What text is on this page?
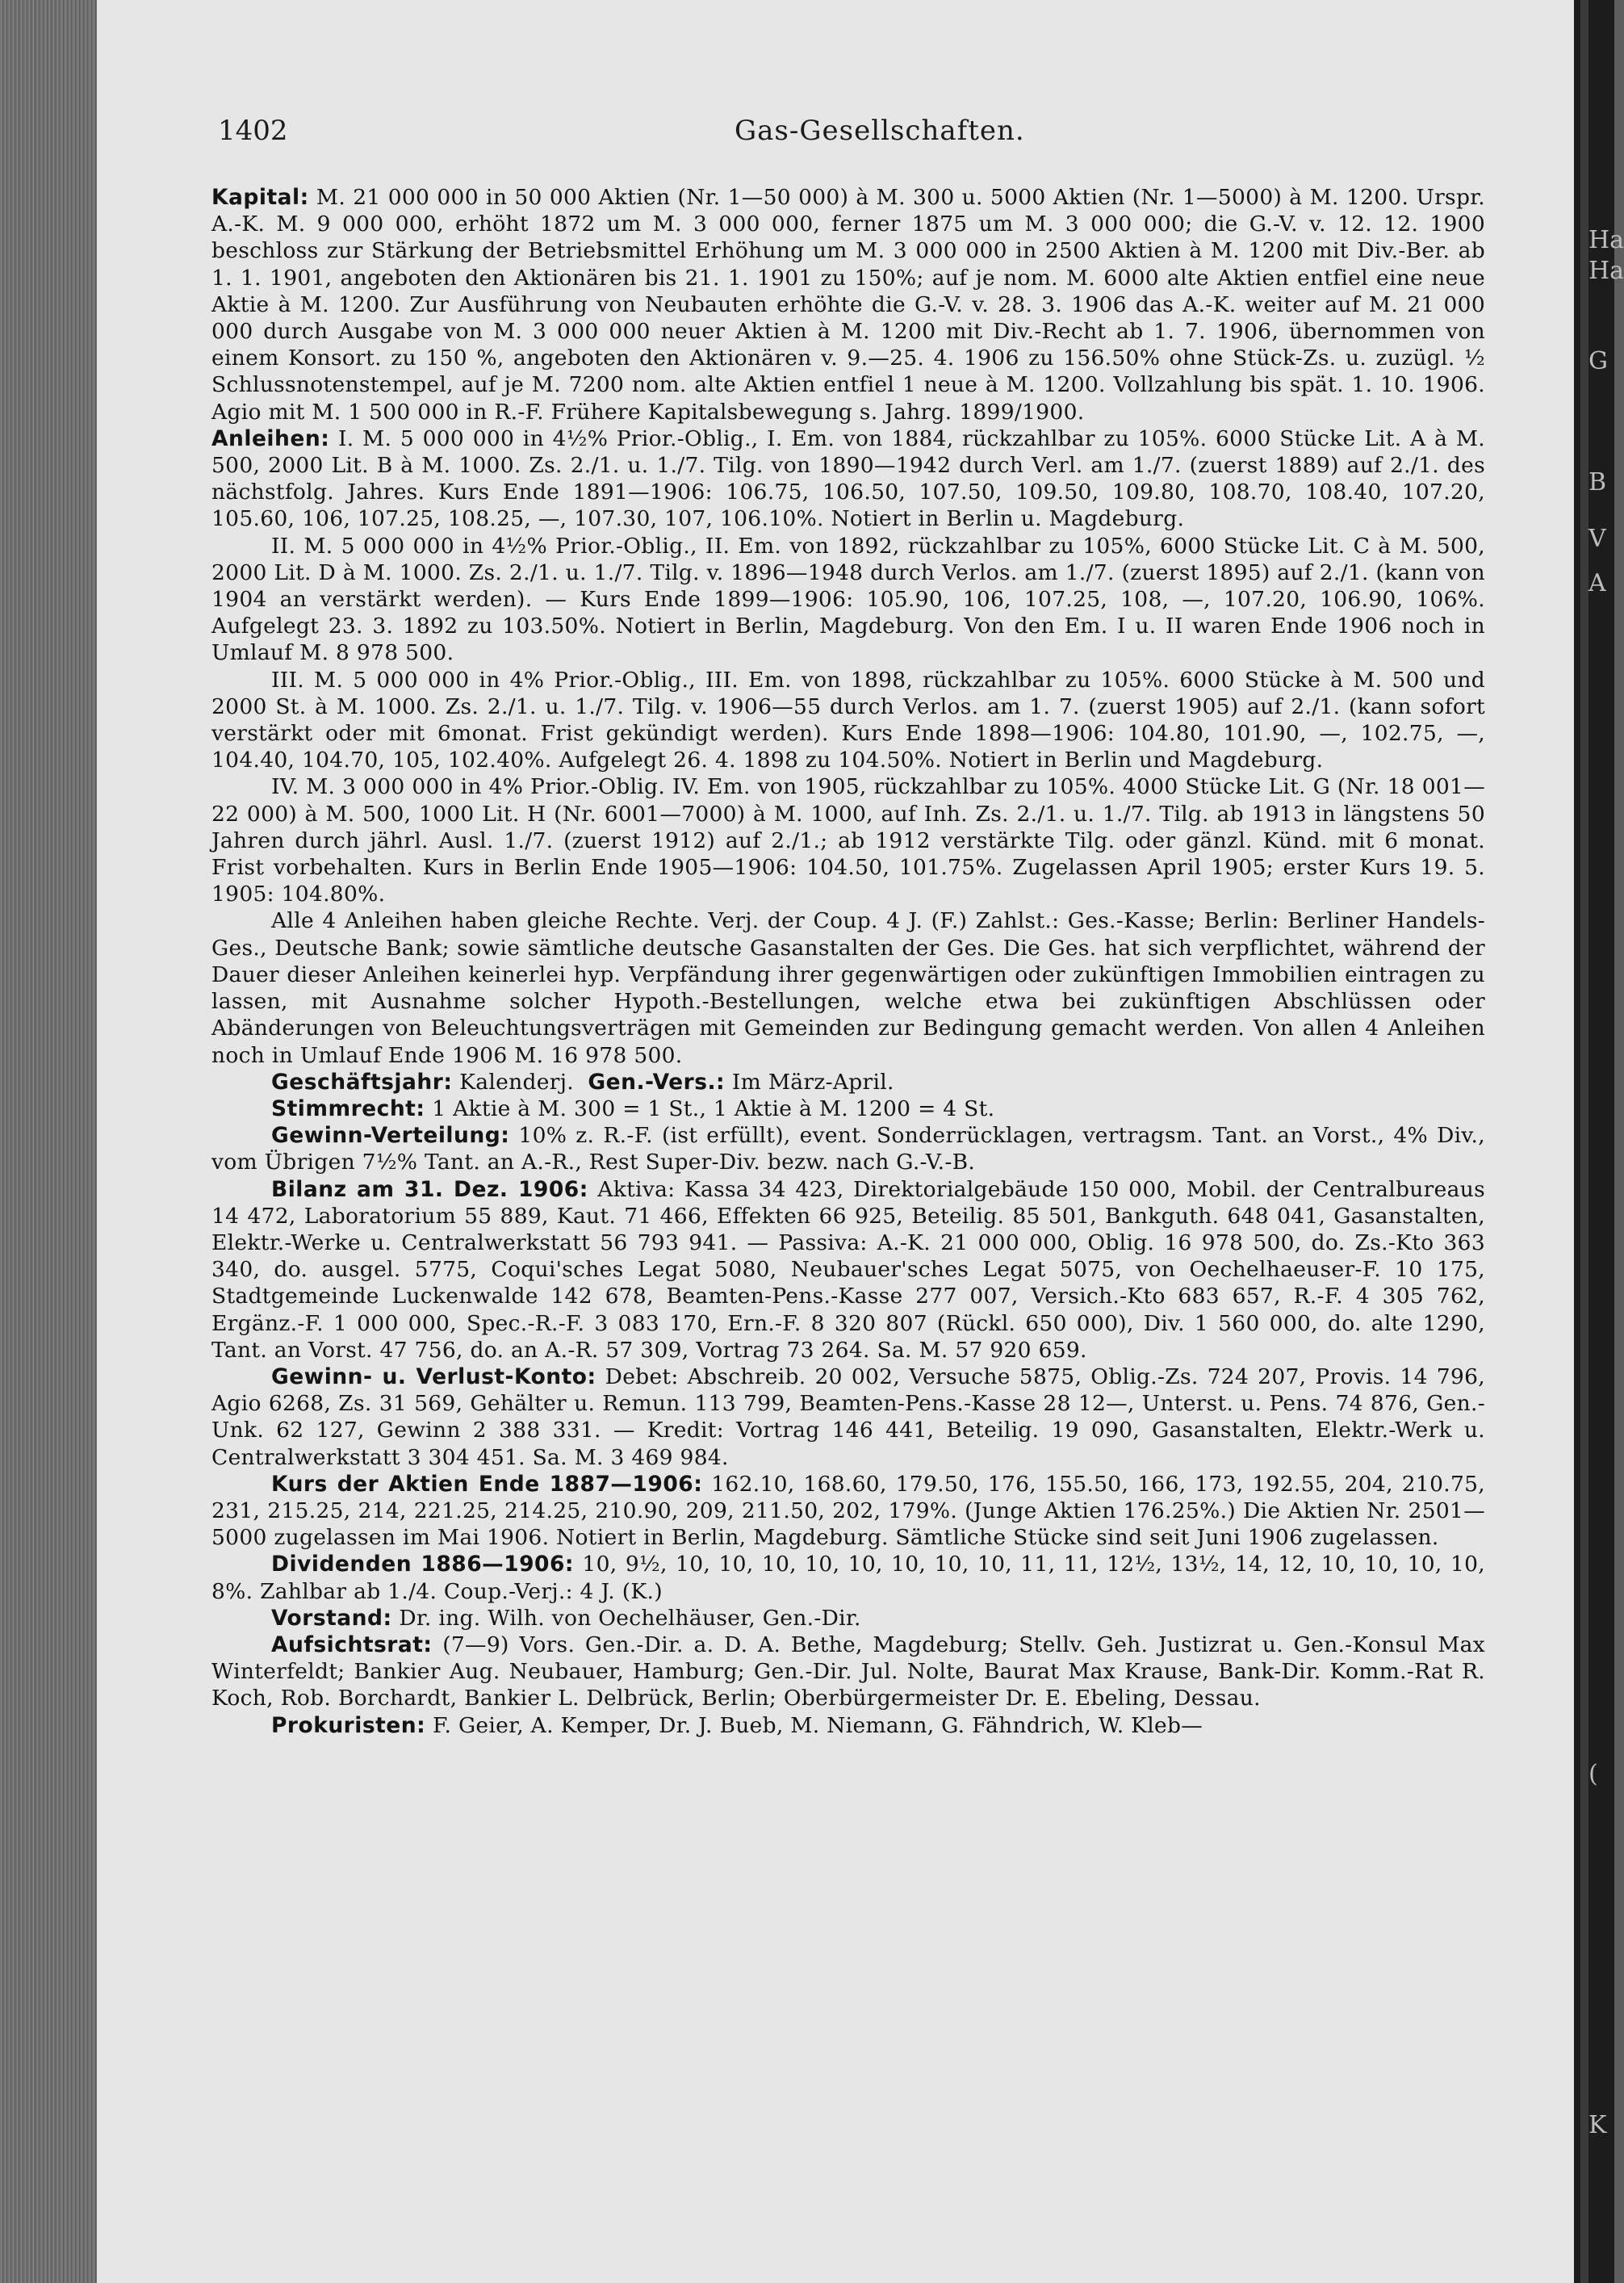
1402	Gas-Gesellschaften.

Kapital: M. 21 000 000 in 50 000 Aktien (Nr. 1—50 000) à M. 300 u. 5000 Aktien (Nr. 1—5000) à M. 1200. Urspr. A.-K. M. 9 000 000, erhöht 1872 um M. 3 000 000, ferner 1875 um M. 3 000 000; die G.-V. v. 12. 12. 1900 beschloss zur Stärkung der Betriebsmittel Erhöhung um M. 3 000 000 in 2500 Aktien à M. 1200 mit Div.-Ber. ab 1. 1. 1901, angeboten den Aktionären bis 21. 1. 1901 zu 150%; auf je nom. M. 6000 alte Aktien entfiel eine neue Aktie à M. 1200. Zur Ausführung von Neubauten erhöhte die G.-V. v. 28. 3. 1906 das A.-K. weiter auf M. 21 000 000 durch Ausgabe von M. 3 000 000 neuer Aktien à M. 1200 mit Div.-Recht ab 1. 7. 1906, übernommen von einem Konsort. zu 150 %, angeboten den Aktionären v. 9.—25. 4. 1906 zu 156.50% ohne Stück-Zs. u. zuzügl. ½ Schlussnotenstempel, auf je M. 7200 nom. alte Aktien entfiel 1 neue à M. 1200. Vollzahlung bis spät. 1. 10. 1906. Agio mit M. 1 500 000 in R.-F. Frühere Kapitalsbewegung s. Jahrg. 1899/1900.

Anleihen: I. M. 5 000 000 in 4½% Prior.-Oblig., I. Em. von 1884, rückzahlbar zu 105%. 6000 Stücke Lit. A à M. 500, 2000 Lit. B à M. 1000. Zs. 2./1. u. 1./7. Tilg. von 1890—1942 durch Verl. am 1./7. (zuerst 1889) auf 2./1. des nächstfolg. Jahres. Kurs Ende 1891—1906: 106.75, 106.50, 107.50, 109.50, 109.80, 108.70, 108.40, 107.20, 105.60, 106, 107.25, 108.25, —, 107.30, 107, 106.10%. Notiert in Berlin u. Magdeburg.

II. M. 5 000 000 in 4½% Prior.-Oblig., II. Em. von 1892, rückzahlbar zu 105%, 6000 Stücke Lit. C à M. 500, 2000 Lit. D à M. 1000. Zs. 2./1. u. 1./7. Tilg. v. 1896—1948 durch Verlos. am 1./7. (zuerst 1895) auf 2./1. (kann von 1904 an verstärkt werden). — Kurs Ende 1899—1906: 105.90, 106, 107.25, 108, —, 107.20, 106.90, 106%. Aufgelegt 23. 3. 1892 zu 103.50%. Notiert in Berlin, Magdeburg. Von den Em. I u. II waren Ende 1906 noch in Umlauf M. 8 978 500.

III. M. 5 000 000 in 4% Prior.-Oblig., III. Em. von 1898, rückzahlbar zu 105%. 6000 Stücke à M. 500 und 2000 St. à M. 1000. Zs. 2./1. u. 1./7. Tilg. v. 1906—55 durch Verlos. am 1. 7. (zuerst 1905) auf 2./1. (kann sofort verstärkt oder mit 6monat. Frist gekündigt werden). Kurs Ende 1898—1906: 104.80, 101.90, —, 102.75, —, 104.40, 104.70, 105, 102.40%. Aufgelegt 26. 4. 1898 zu 104.50%. Notiert in Berlin und Magdeburg.

IV. M. 3 000 000 in 4% Prior.-Oblig. IV. Em. von 1905, rückzahlbar zu 105%. 4000 Stücke Lit. G (Nr. 18 001—22 000) à M. 500, 1000 Lit. H (Nr. 6001—7000) à M. 1000, auf Inh. Zs. 2./1. u. 1./7. Tilg. ab 1913 in längstens 50 Jahren durch jährl. Ausl. 1./7. (zuerst 1912) auf 2./1.; ab 1912 verstärkte Tilg. oder gänzl. Künd. mit 6 monat. Frist vorbehalten. Kurs in Berlin Ende 1905—1906: 104.50, 101.75%. Zugelassen April 1905; erster Kurs 19. 5. 1905: 104.80%.

Alle 4 Anleihen haben gleiche Rechte. Verj. der Coup. 4 J. (F.) Zahlst.: Ges.-Kasse; Berlin: Berliner Handels-Ges., Deutsche Bank; sowie sämtliche deutsche Gasanstalten der Ges. Die Ges. hat sich verpflichtet, während der Dauer dieser Anleihen keinerlei hyp. Verpfändung ihrer gegenwärtigen oder zukünftigen Immobilien eintragen zu lassen, mit Ausnahme solcher Hypoth.-Bestellungen, welche etwa bei zukünftigen Abschlüssen oder Abänderungen von Beleuchtungsverträgen mit Gemeinden zur Bedingung gemacht werden. Von allen 4 Anleihen noch in Umlauf Ende 1906 M. 16 978 500.

Geschäftsjahr: Kalenderj. Gen.-Vers.: Im März-April.

Stimmrecht: 1 Aktie à M. 300 = 1 St., 1 Aktie à M. 1200 = 4 St.

Gewinn-Verteilung: 10% z. R.-F. (ist erfüllt), event. Sonderrücklagen, vertragsm. Tant. an Vorst., 4% Div., vom Übrigen 7½% Tant. an A.-R., Rest Super-Div. bezw. nach G.-V.-B.

Bilanz am 31. Dez. 1906: Aktiva: Kassa 34 423, Direktorialgebäude 150 000, Mobil. der Centralbureaus 14 472, Laboratorium 55 889, Kaut. 71 466, Effekten 66 925, Beteilig. 85 501, Bankguth. 648 041, Gasanstalten, Elektr.-Werke u. Centralwerkstatt 56 793 941. — Passiva: A.-K. 21 000 000, Oblig. 16 978 500, do. Zs.-Kto 363 340, do. ausgel. 5775, Coqui'sches Legat 5080, Neubauer'sches Legat 5075, von Oechelhaeuser-F. 10 175, Stadtgemeinde Luckenwalde 142 678, Beamten-Pens.-Kasse 277 007, Versich.-Kto 683 657, R.-F. 4 305 762, Ergänz.-F. 1 000 000, Spec.-R.-F. 3 083 170, Ern.-F. 8 320 807 (Rückl. 650 000), Div. 1 560 000, do. alte 1290, Tant. an Vorst. 47 756, do. an A.-R. 57 309, Vortrag 73 264. Sa. M. 57 920 659.

Gewinn- u. Verlust-Konto: Debet: Abschreib. 20 002, Versuche 5875, Oblig.-Zs. 724 207, Provis. 14 796, Agio 6268, Zs. 31 569, Gehälter u. Remun. 113 799, Beamten-Pens.-Kasse 28 12—, Unterst. u. Pens. 74 876, Gen.-Unk. 62 127, Gewinn 2 388 331. — Kredit: Vortrag 146 441, Beteilig. 19 090, Gasanstalten, Elektr.-Werk u. Centralwerkstatt 3 304 451. Sa. M. 3 469 984.

Kurs der Aktien Ende 1887—1906: 162.10, 168.60, 179.50, 176, 155.50, 166, 173, 192.55, 204, 210.75, 231, 215.25, 214, 221.25, 214.25, 210.90, 209, 211.50, 202, 179%. (Junge Aktien 176.25%.) Die Aktien Nr. 2501—5000 zugelassen im Mai 1906. Notiert in Berlin, Magdeburg. Sämtliche Stücke sind seit Juni 1906 zugelassen.

Dividenden 1886—1906: 10, 9½, 10, 10, 10, 10, 10, 10, 10, 10, 11, 11, 12½, 13½, 14, 12, 10, 10, 10, 10, 8%. Zahlbar ab 1./4. Coup.-Verj.: 4 J. (K.)

Vorstand: Dr. ing. Wilh. von Oechelhäuser, Gen.-Dir.

Aufsichtsrat: (7—9) Vors. Gen.-Dir. a. D. A. Bethe, Magdeburg; Stellv. Geh. Justizrat u. Gen.-Konsul Max Winterfeldt; Bankier Aug. Neubauer, Hamburg; Gen.-Dir. Jul. Nolte, Baurat Max Krause, Bank-Dir. Komm.-Rat R. Koch, Rob. Borchardt, Bankier L. Delbrück, Berlin; Oberbürgermeister Dr. E. Ebeling, Dessau.

Prokuristen: F. Geier, A. Kemper, Dr. J. Bueb, M. Niemann, G. Fähndrich, W. Kleb—

Ha
Ha
G
B
V
A
(
K
